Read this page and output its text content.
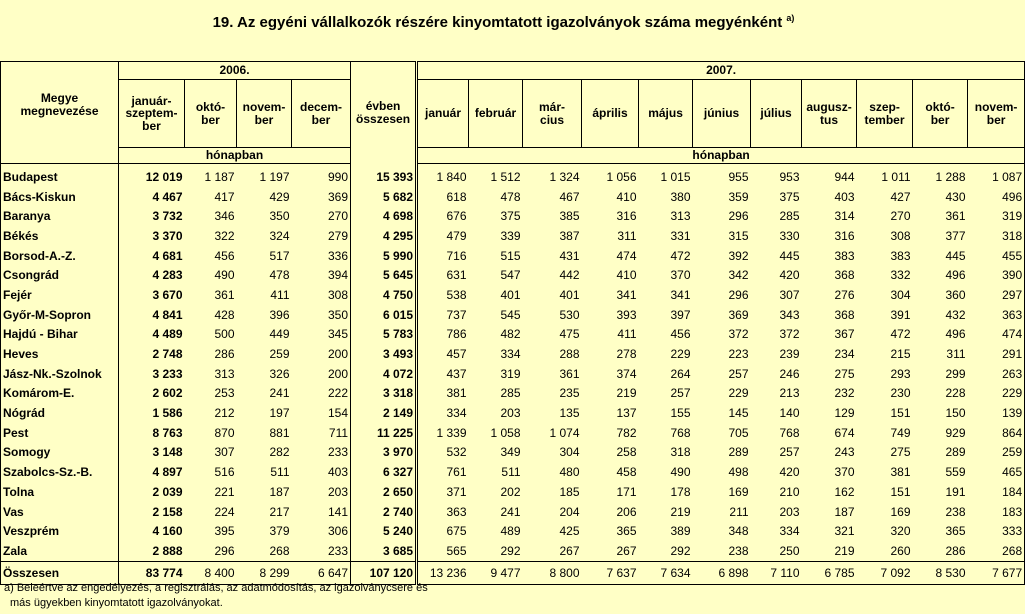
19. Az egyéni vállalkozók részére kinyomtatott igazolványok száma megyénként $^{a)}$
Megye
megnevezése	2006.				évben
összesen	2007.										
	január-
szeptem-
ber	októ-
ber	novem-
ber	decem-
ber		január	február	már-
cius	április	május	június	július	augusz-
tus	szep-
tember	októ-
ber	novem-
ber
	hónapban					hónapban										
Budapest	12 019	1 187	1 197	990	15 393	1 840	1 512	1 324	1 056	1 015	955	953	944	1 011	1 288	1 087
Bács-Kiskun	4 467	417	429	369	5 682	618	478	467	410	380	359	375	403	427	430	496
Baranya	3 732	346	350	270	4 698	676	375	385	316	313	296	285	314	270	361	319
Békés	3 370	322	324	279	4 295	479	339	387	311	331	315	330	316	308	377	318
Borsod-A.-Z.	4 681	456	517	336	5 990	716	515	431	474	472	392	445	383	383	445	455
Csongrád	4 283	490	478	394	5 645	631	547	442	410	370	342	420	368	332	496	390
Fejér	3 670	361	411	308	4 750	538	401	401	341	341	296	307	276	304	360	297
Győr-M-Sopron	4 841	428	396	350	6 015	737	545	530	393	397	369	343	368	391	432	363
Hajdú - Bihar	4 489	500	449	345	5 783	786	482	475	411	456	372	372	367	472	496	474
Heves	2 748	286	259	200	3 493	457	334	288	278	229	223	239	234	215	311	291
Jász-Nk.-Szolnok	3 233	313	326	200	4 072	437	319	361	374	264	257	246	275	293	299	263
Komárom-E.	2 602	253	241	222	3 318	381	285	235	219	257	229	213	232	230	228	229
Nógrád	1 586	212	197	154	2 149	334	203	135	137	155	145	140	129	151	150	139
Pest	8 763	870	881	711	11 225	1 339	1 058	1 074	782	768	705	768	674	749	929	864
Somogy	3 148	307	282	233	3 970	532	349	304	258	318	289	257	243	275	289	259
Szabolcs-Sz.-B.	4 897	516	511	403	6 327	761	511	480	458	490	498	420	370	381	559	465
Tolna	2 039	221	187	203	2 650	371	202	185	171	178	169	210	162	151	191	184
Vas	2 158	224	217	141	2 740	363	241	204	206	219	211	203	187	169	238	183
Veszprém	4 160	395	379	306	5 240	675	489	425	365	389	348	334	321	320	365	333
Zala	2 888	296	268	233	3 685	565	292	267	267	292	238	250	219	260	286	268
Összesen	83 774	8 400	8 299	6 647	107 120	13 236	9 477	8 800	7 637	7 634	6 898	7 110	6 785	7 092	8 530	7 677
a) Beleértve az engedélyezés, a regisztrálás, az adatmódosítás, az igazolványcsere és
más ügyekben kinyomtatott igazolványokat.
